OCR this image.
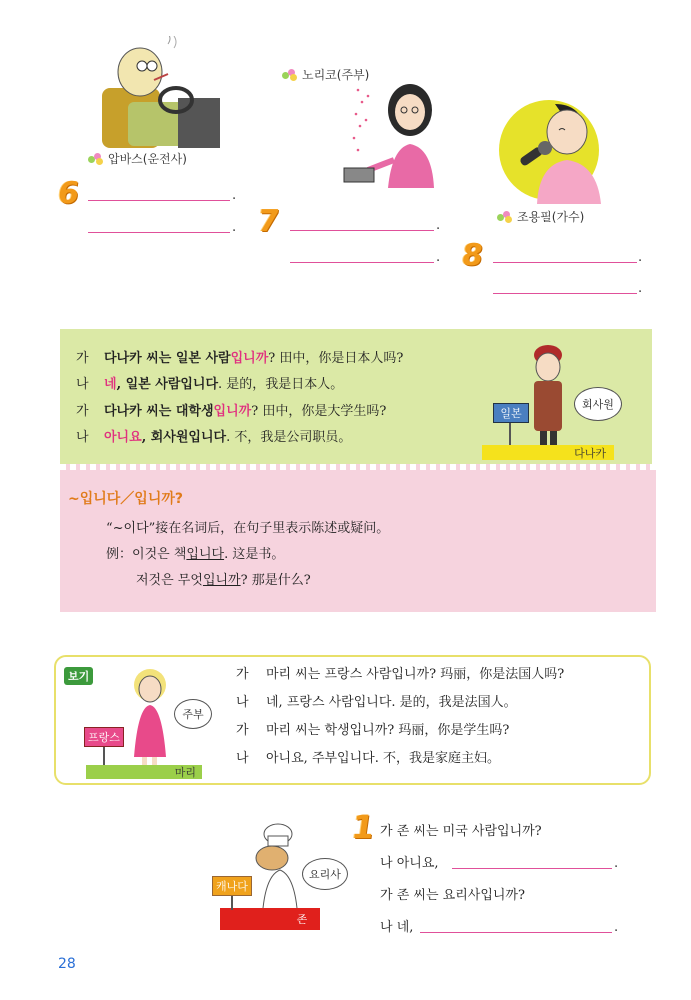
압바스(운전사)
6	.
.
노리코(주부)
7	.
.
조용필(가수)
8	.
.
가 다나카 씨는 일본 사람입니까? 田中，你是日本人吗?
나 네, 일본 사람입니다. 是的，我是日本人。
가 다나카 씨는 대학생입니까? 田中，你是大学生吗?
나 아니요, 회사원입니다. 不，我是公司职员。
일본
회사원
다나카
~입니다／입니까?
“~이다”接在名词后，在句子里表示陈述或疑问。
例：이것은 책입니다. 这是书。
저것은 무엇입니까? 那是什么?
보기
프랑스
주부
마리
가 마리 씨는 프랑스 사람입니까? 玛丽，你是法国人吗?
나 네, 프랑스 사람입니다. 是的，我是法国人。
가 마리 씨는 학생입니까? 玛丽，你是学生吗?
나 아니요, 주부입니다. 不，我是家庭主妇。
존
캐나다
요리사
1 가 존 씨는 미국 사람입니까?
나 아니요,	.
가 존 씨는 요리사입니까?
나 네,	.
28
